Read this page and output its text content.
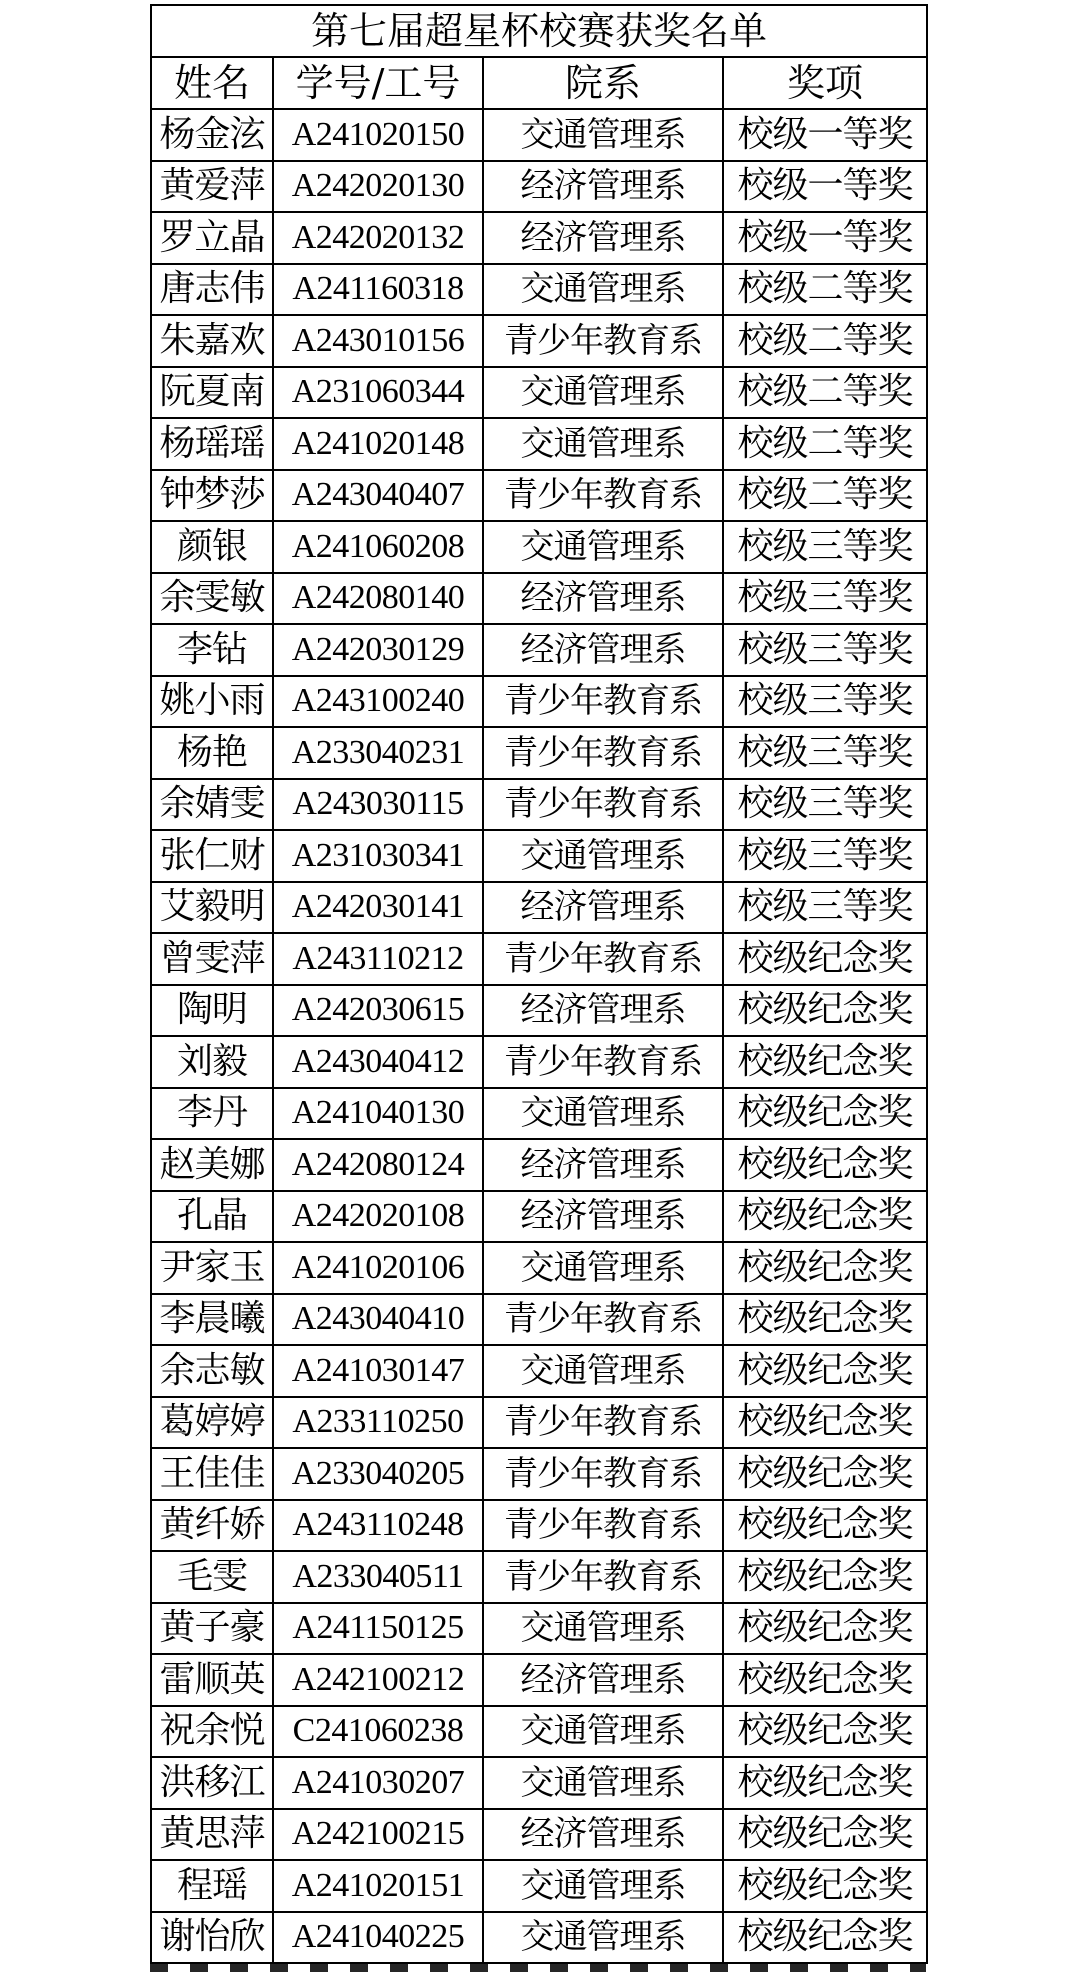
第七届超星杯校赛获奖名单			
姓名	学号/工号	院系	奖项
杨金泫	A241020150	交通管理系	校级一等奖
黄爱萍	A242020130	经济管理系	校级一等奖
罗立晶	A242020132	经济管理系	校级一等奖
唐志伟	A241160318	交通管理系	校级二等奖
朱嘉欢	A243010156	青少年教育系	校级二等奖
阮夏南	A231060344	交通管理系	校级二等奖
杨瑶瑶	A241020148	交通管理系	校级二等奖
钟梦莎	A243040407	青少年教育系	校级二等奖
颜银	A241060208	交通管理系	校级三等奖
余雯敏	A242080140	经济管理系	校级三等奖
李钻	A242030129	经济管理系	校级三等奖
姚小雨	A243100240	青少年教育系	校级三等奖
杨艳	A233040231	青少年教育系	校级三等奖
余婧雯	A243030115	青少年教育系	校级三等奖
张仁财	A231030341	交通管理系	校级三等奖
艾毅明	A242030141	经济管理系	校级三等奖
曾雯萍	A243110212	青少年教育系	校级纪念奖
陶明	A242030615	经济管理系	校级纪念奖
刘毅	A243040412	青少年教育系	校级纪念奖
李丹	A241040130	交通管理系	校级纪念奖
赵美娜	A242080124	经济管理系	校级纪念奖
孔晶	A242020108	经济管理系	校级纪念奖
尹家玉	A241020106	交通管理系	校级纪念奖
李晨曦	A243040410	青少年教育系	校级纪念奖
余志敏	A241030147	交通管理系	校级纪念奖
葛婷婷	A233110250	青少年教育系	校级纪念奖
王佳佳	A233040205	青少年教育系	校级纪念奖
黄纤娇	A243110248	青少年教育系	校级纪念奖
毛雯	A233040511	青少年教育系	校级纪念奖
黄子豪	A241150125	交通管理系	校级纪念奖
雷顺英	A242100212	经济管理系	校级纪念奖
祝余悦	C241060238	交通管理系	校级纪念奖
洪移江	A241030207	交通管理系	校级纪念奖
黄思萍	A242100215	经济管理系	校级纪念奖
程瑶	A241020151	交通管理系	校级纪念奖
谢怡欣	A241040225	交通管理系	校级纪念奖
